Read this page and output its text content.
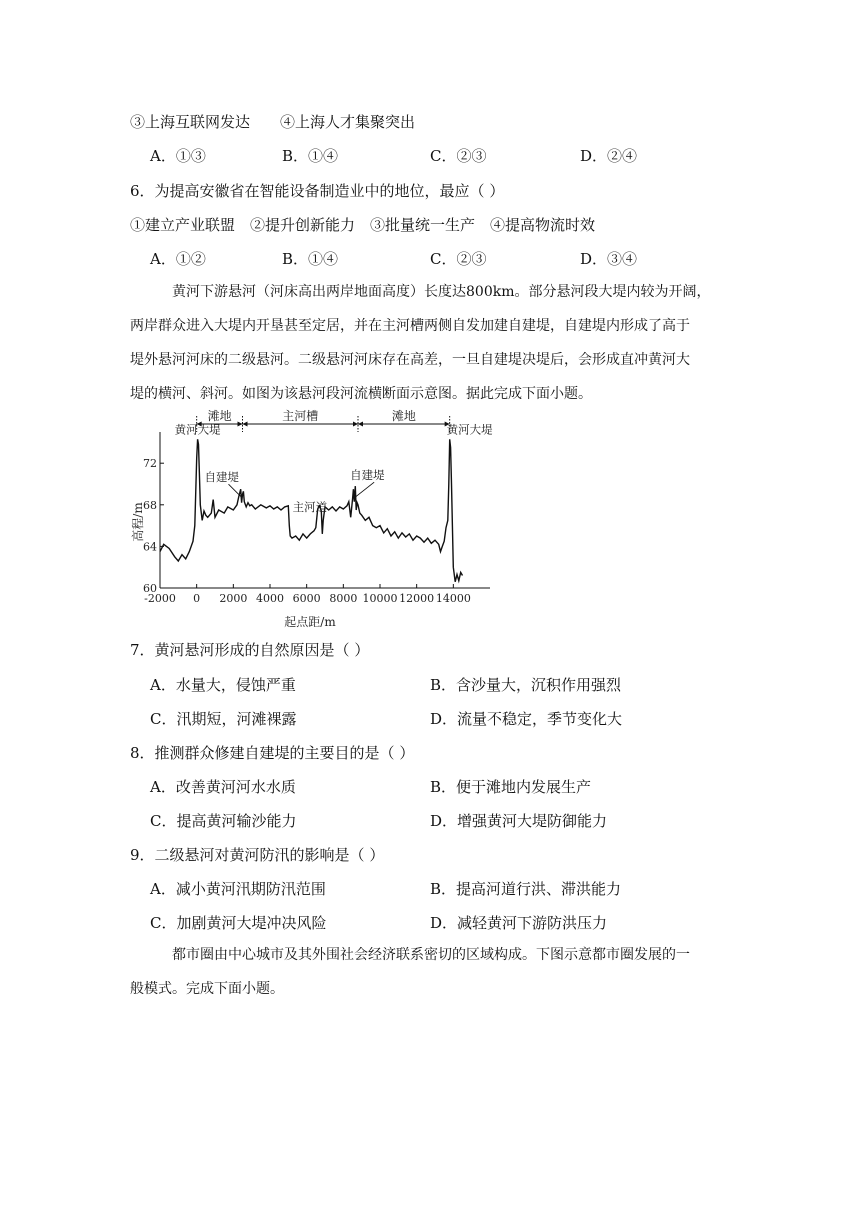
③上海互联网发达　　④上海人才集聚突出
A．①③	B．①④	C．②③	D．②④
6．为提高安徽省在智能设备制造业中的地位，最应（ ）
①建立产业联盟　②提升创新能力　③批量统一生产　④提高物流时效
A．①②	B．①④	C．②③	D．③④

黄河下游悬河（河床高出两岸地面高度）长度达800km。部分悬河段大堤内较为开阔，

两岸群众进入大堤内开垦甚至定居，并在主河槽两侧自发加建自建堤，自建堤内形成了高于

堤外悬河河床的二级悬河。二级悬河河床存在高差，一旦自建堤决堤后，会形成直冲黄河大

堤的横河、斜河。如图为该悬河段河流横断面示意图。据此完成下面小题。

滩地	主河槽	滩地
-2000 0 2000 4000 6000 8000 10000 12000 14000
60
64
68
72
黄河大堤
自建堤
主河道
自建堤
黄河大堤
高程/m
起点距/m
7．黄河悬河形成的自然原因是（ ）
A．水量大，侵蚀严重	B．含沙量大，沉积作用强烈
C．汛期短，河滩裸露	D．流量不稳定，季节变化大
8．推测群众修建自建堤的主要目的是（ ）
A．改善黄河河水水质	B．便于滩地内发展生产
C．提高黄河输沙能力	D．增强黄河大堤防御能力
9．二级悬河对黄河防汛的影响是（ ）
A．减小黄河汛期防汛范围	B．提高河道行洪、滞洪能力
C．加剧黄河大堤冲决风险	D．减轻黄河下游防洪压力

都市圈由中心城市及其外围社会经济联系密切的区域构成。下图示意都市圈发展的一

般模式。完成下面小题。
